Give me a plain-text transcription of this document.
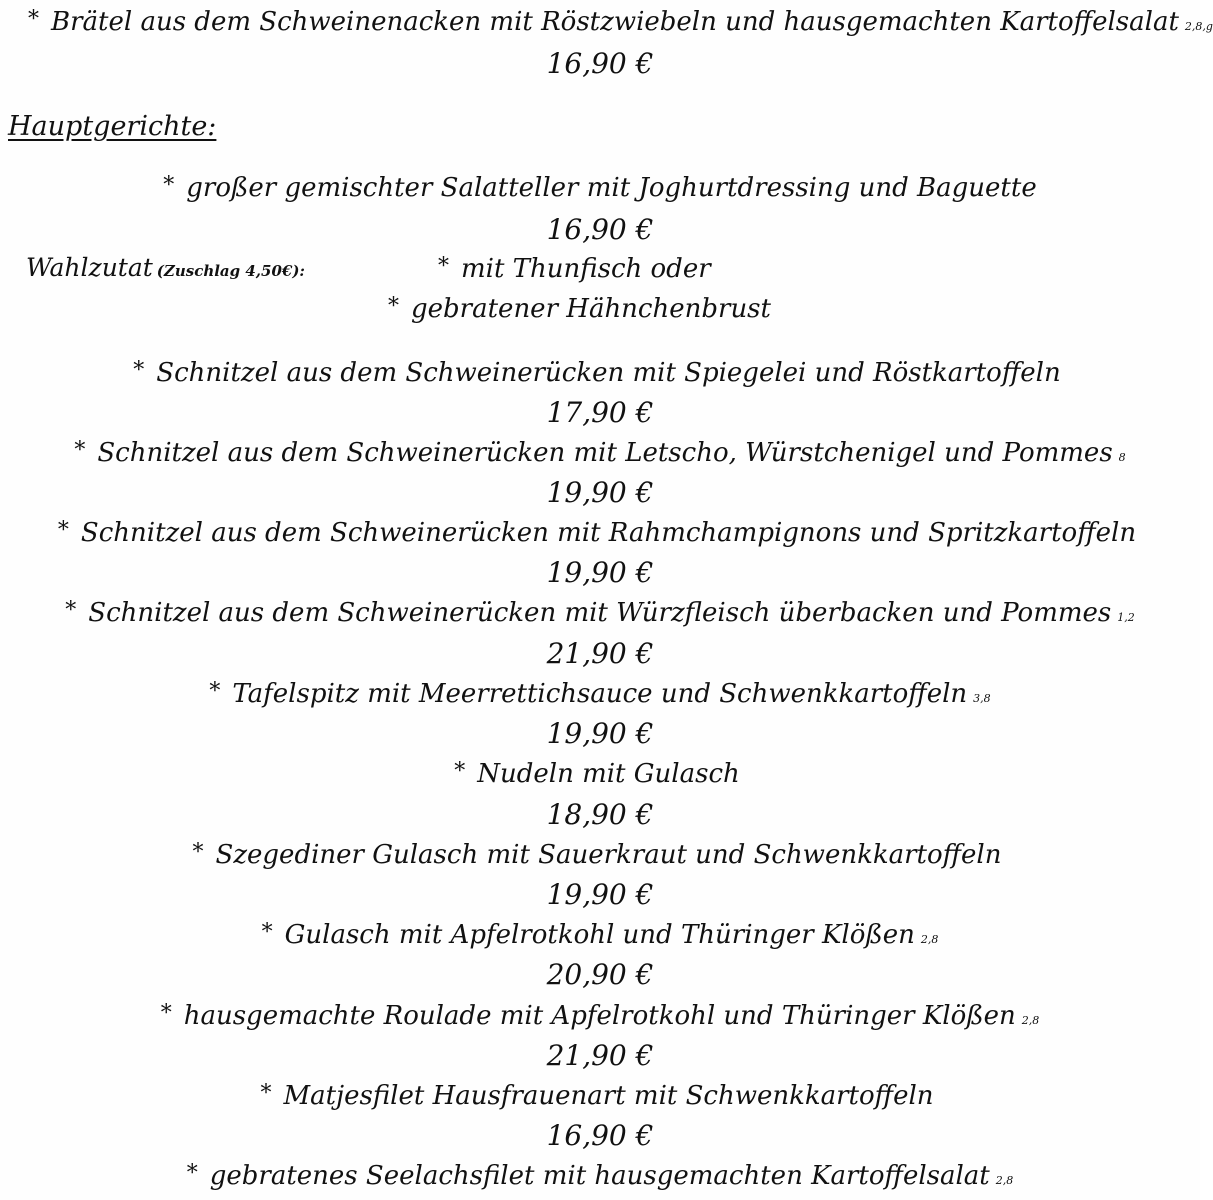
* Brätel aus dem Schweinenacken mit Röstzwiebeln und hausgemachten Kartoffelsalat 2,8,g
16,90 €
Hauptgerichte:
* großer gemischter Salatteller mit Joghurtdressing und Baguette
16,90 €
Wahlzutat (Zuschlag 4,50€):	* mit Thunfisch oder
* gebratener Hähnchenbrust
* Schnitzel aus dem Schweinerücken mit Spiegelei und Röstkartoffeln
17,90 €
* Schnitzel aus dem Schweinerücken mit Letscho, Würstchenigel und Pommes 8
19,90 €
* Schnitzel aus dem Schweinerücken mit Rahmchampignons und Spritzkartoffeln
19,90 €
* Schnitzel aus dem Schweinerücken mit Würzfleisch überbacken und Pommes 1,2
21,90 €
* Tafelspitz mit Meerrettichsauce und Schwenkkartoffeln 3,8
19,90 €
* Nudeln mit Gulasch
18,90 €
* Szegediner Gulasch mit Sauerkraut und Schwenkkartoffeln
19,90 €
* Gulasch mit Apfelrotkohl und Thüringer Klößen 2,8
20,90 €
* hausgemachte Roulade mit Apfelrotkohl und Thüringer Klößen 2,8
21,90 €
* Matjesfilet Hausfrauenart mit Schwenkkartoffeln
16,90 €
* gebratenes Seelachsfilet mit hausgemachten Kartoffelsalat 2,8
